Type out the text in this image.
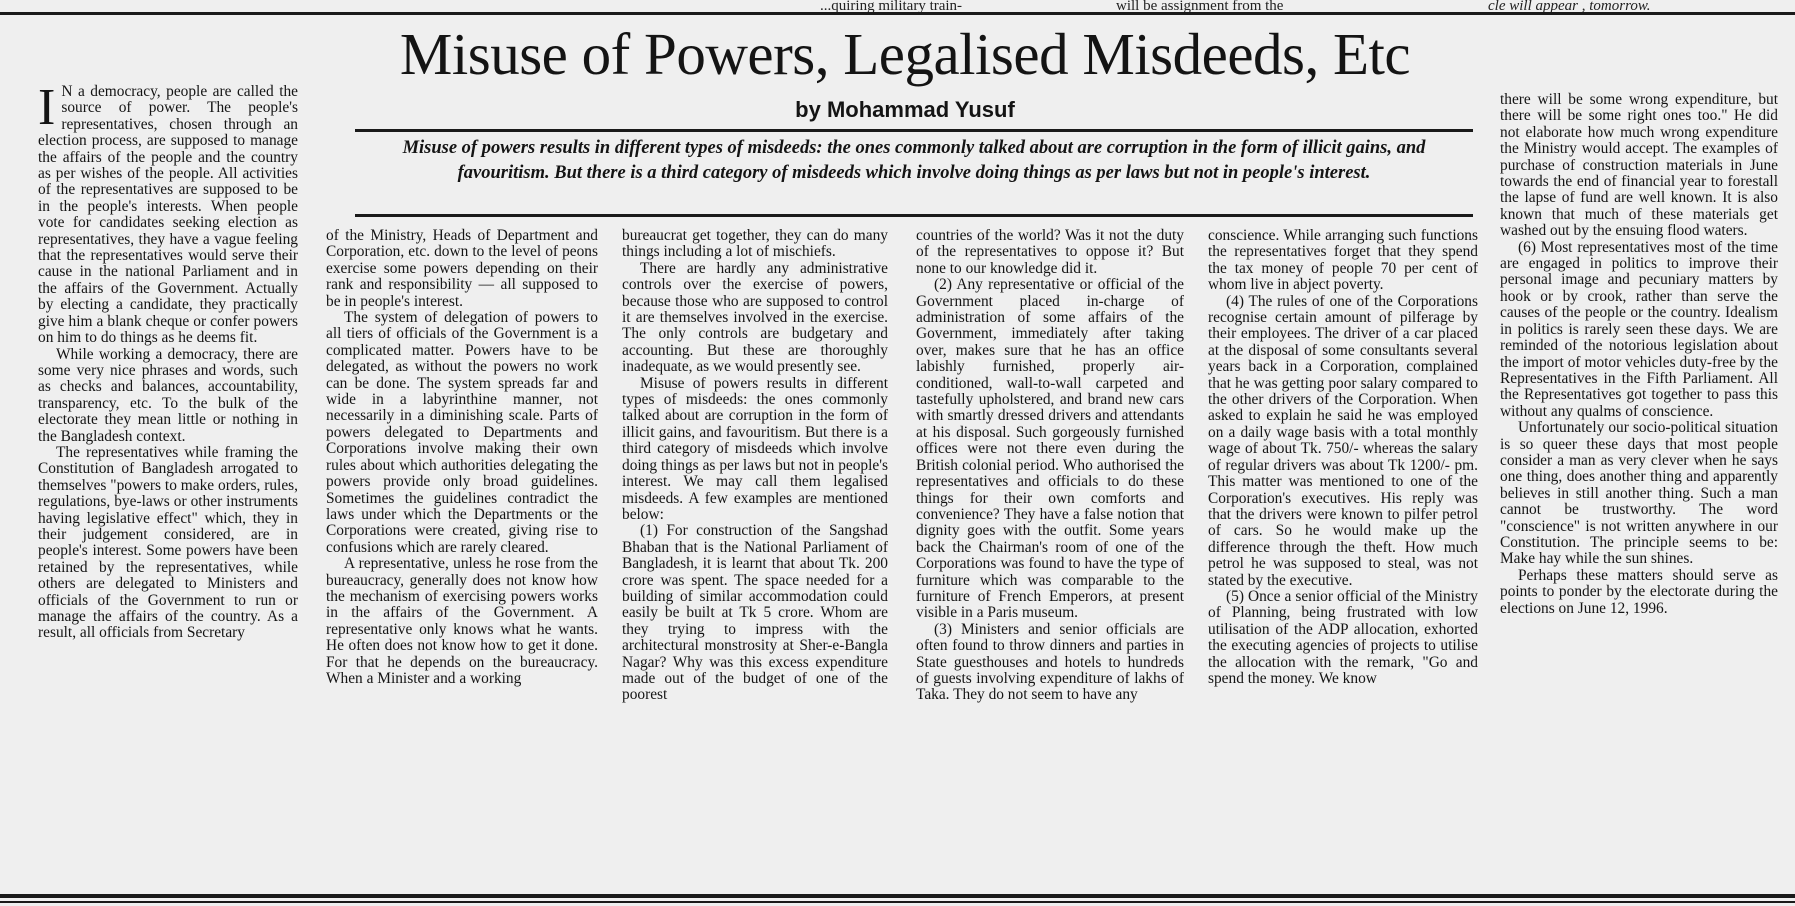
...quiring military train-	will be assignment from the	cle will appear , tomorrow.
Misuse of Powers, Legalised Misdeeds, Etc
by Mohammad Yusuf
Misuse of powers results in different types of misdeeds: the ones commonly talked about are corruption in the form of illicit gains, and favouritism. But there is a third category of misdeeds which involve doing things as per laws but not in people's interest.

I N a democracy, people are called the source of power. The people's representatives, chosen through an election process, are supposed to manage the affairs of the people and the country as per wishes of the people. All activities of the representatives are supposed to be in the people's interests. When people vote for candidates seeking election as representatives, they have a vague feeling that the representatives would serve their cause in the national Parliament and in the affairs of the Government. Actually by electing a candidate, they practically give him a blank cheque or confer powers on him to do things as he deems fit.

While working a democracy, there are some very nice phrases and words, such as checks and balances, accountability, transparency, etc. To the bulk of the electorate they mean little or nothing in the Bangladesh context.

The representatives while framing the Constitution of Bangladesh arrogated to themselves "powers to make orders, rules, regulations, bye-laws or other instruments having legislative effect" which, they in their judgement considered, are in people's interest. Some powers have been retained by the representatives, while others are delegated to Ministers and officials of the Government to run or manage the affairs of the country. As a result, all officials from Secretary

of the Ministry, Heads of Department and Corporation, etc. down to the level of peons exercise some powers depending on their rank and responsibility — all supposed to be in people's interest.

The system of delegation of powers to all tiers of officials of the Government is a complicated matter. Powers have to be delegated, as without the powers no work can be done. The system spreads far and wide in a labyrinthine manner, not necessarily in a diminishing scale. Parts of powers delegated to Departments and Corporations involve making their own rules about which authorities delegating the powers provide only broad guidelines. Sometimes the guidelines contradict the laws under which the Departments or the Corporations were created, giving rise to confusions which are rarely cleared.

A representative, unless he rose from the bureaucracy, generally does not know how the mechanism of exercising powers works in the affairs of the Government. A representative only knows what he wants. He often does not know how to get it done. For that he depends on the bureaucracy. When a Minister and a working

bureaucrat get together, they can do many things including a lot of mischiefs.

There are hardly any administrative controls over the exercise of powers, because those who are supposed to control it are themselves involved in the exercise. The only controls are budgetary and accounting. But these are thoroughly inadequate, as we would presently see.

Misuse of powers results in different types of misdeeds: the ones commonly talked about are corruption in the form of illicit gains, and favouritism. But there is a third category of misdeeds which involve doing things as per laws but not in people's interest. We may call them legalised misdeeds. A few examples are mentioned below:

(1) For construction of the Sangshad Bhaban that is the National Parliament of Bangladesh, it is learnt that about Tk. 200 crore was spent. The space needed for a building of similar accommodation could easily be built at Tk 5 crore. Whom are they trying to impress with the architectural monstrosity at Sher-e-Bangla Nagar? Why was this excess expenditure made out of the budget of one of the poorest

countries of the world? Was it not the duty of the representatives to oppose it? But none to our knowledge did it.

(2) Any representative or official of the Government placed in-charge of administration of some affairs of the Government, immediately after taking over, makes sure that he has an office labishly furnished, properly air-conditioned, wall-to-wall carpeted and tastefully upholstered, and brand new cars with smartly dressed drivers and attendants at his disposal. Such gorgeously furnished offices were not there even during the British colonial period. Who authorised the representatives and officials to do these things for their own comforts and convenience? They have a false notion that dignity goes with the outfit. Some years back the Chairman's room of one of the Corporations was found to have the type of furniture which was comparable to the furniture of French Emperors, at present visible in a Paris museum.

(3) Ministers and senior officials are often found to throw dinners and parties in State guesthouses and hotels to hundreds of guests involving expenditure of lakhs of Taka. They do not seem to have any

conscience. While arranging such functions the representatives forget that they spend the tax money of people 70 per cent of whom live in abject poverty.

(4) The rules of one of the Corporations recognise certain amount of pilferage by their employees. The driver of a car placed at the disposal of some consultants several years back in a Corporation, complained that he was getting poor salary compared to the other drivers of the Corporation. When asked to explain he said he was employed on a daily wage basis with a total monthly wage of about Tk. 750/- whereas the salary of regular drivers was about Tk 1200/- pm. This matter was mentioned to one of the Corporation's executives. His reply was that the drivers were known to pilfer petrol of cars. So he would make up the difference through the theft. How much petrol he was supposed to steal, was not stated by the executive.

(5) Once a senior official of the Ministry of Planning, being frustrated with low utilisation of the ADP allocation, exhorted the executing agencies of projects to utilise the allocation with the remark, "Go and spend the money. We know

there will be some wrong expenditure, but there will be some right ones too." He did not elaborate how much wrong expenditure the Ministry would accept. The examples of purchase of construction materials in June towards the end of financial year to forestall the lapse of fund are well known. It is also known that much of these materials get washed out by the ensuing flood waters.

(6) Most representatives most of the time are engaged in politics to improve their personal image and pecuniary matters by hook or by crook, rather than serve the causes of the people or the country. Idealism in politics is rarely seen these days. We are reminded of the notorious legislation about the import of motor vehicles duty-free by the Representatives in the Fifth Parliament. All the Representatives got together to pass this without any qualms of conscience.

Unfortunately our socio-political situation is so queer these days that most people consider a man as very clever when he says one thing, does another thing and apparently believes in still another thing. Such a man cannot be trustworthy. The word "conscience" is not written anywhere in our Constitution. The principle seems to be: Make hay while the sun shines.

Perhaps these matters should serve as points to ponder by the electorate during the elections on June 12, 1996.
